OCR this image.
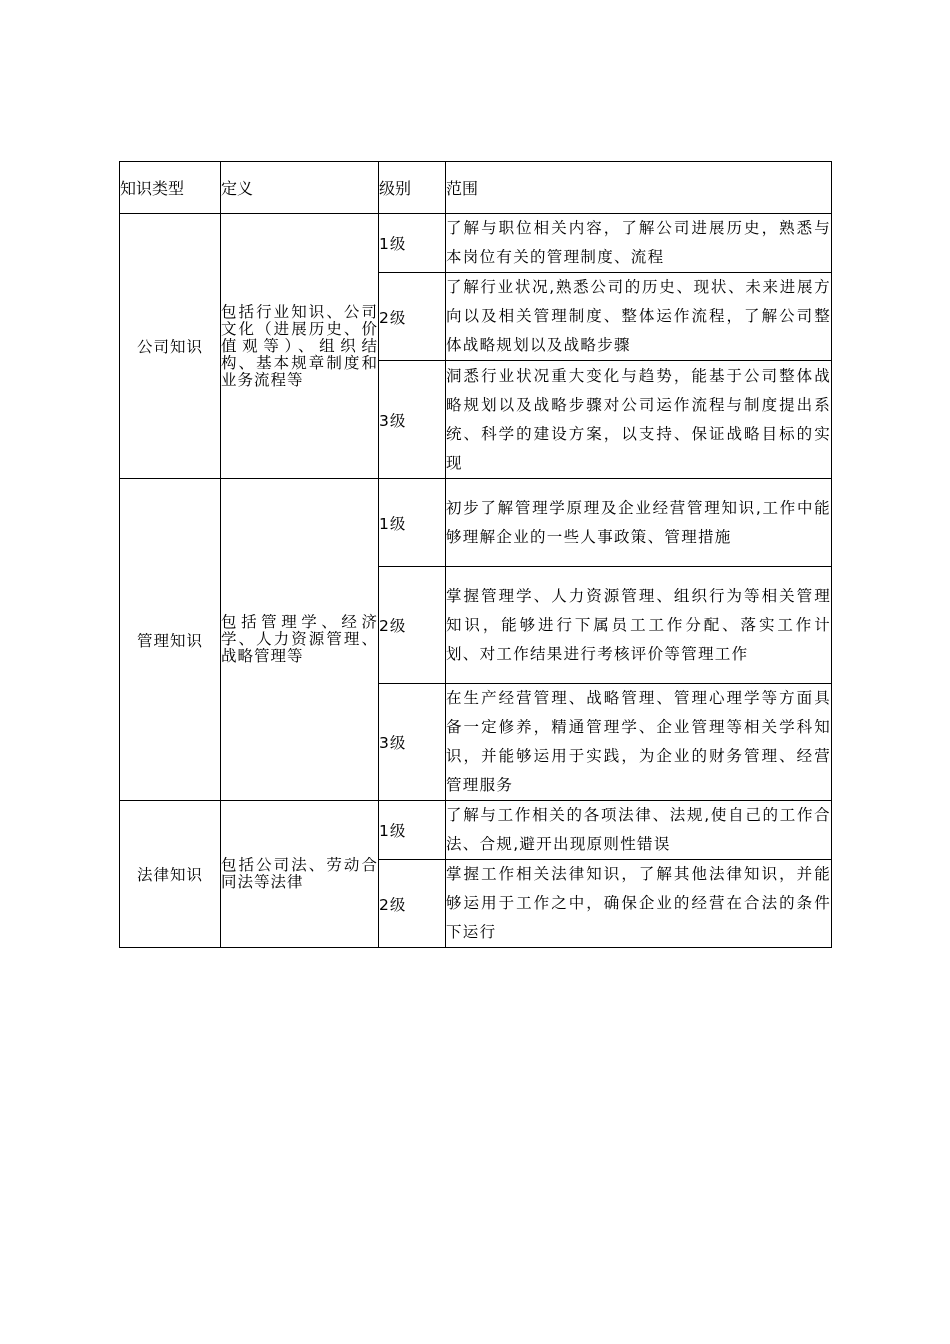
知识类型	定义	级别	范围
公司知识	包括行业知识、公司文化（进展历史、价值观等）、组织结构、基本规章制度和业务流程等	1级	了解与职位相关内容，了解公司进展历史，熟悉与本岗位有关的管理制度、流程
		2级	了解行业状况,熟悉公司的历史、现状、未来进展方向以及相关管理制度、整体运作流程，了解公司整体战略规划以及战略步骤
		3级	洞悉行业状况重大变化与趋势，能基于公司整体战略规划以及战略步骤对公司运作流程与制度提出系统、科学的建设方案，以支持、保证战略目标的实现
管理知识	包括管理学、经济学、人力资源管理、战略管理等	1级	初步了解管理学原理及企业经营管理知识,工作中能够理解企业的一些人事政策、管理措施
		2级	掌握管理学、人力资源管理、组织行为等相关管理知识，能够进行下属员工工作分配、落实工作计划、对工作结果进行考核评价等管理工作
		3级	在生产经营管理、战略管理、管理心理学等方面具备一定修养，精通管理学、企业管理等相关学科知识，并能够运用于实践，为企业的财务管理、经营管理服务
法律知识	包括公司法、劳动合同法等法律	1级	了解与工作相关的各项法律、法规,使自己的工作合法、合规,避开出现原则性错误
		2级	掌握工作相关法律知识，了解其他法律知识，并能够运用于工作之中，确保企业的经营在合法的条件下运行
